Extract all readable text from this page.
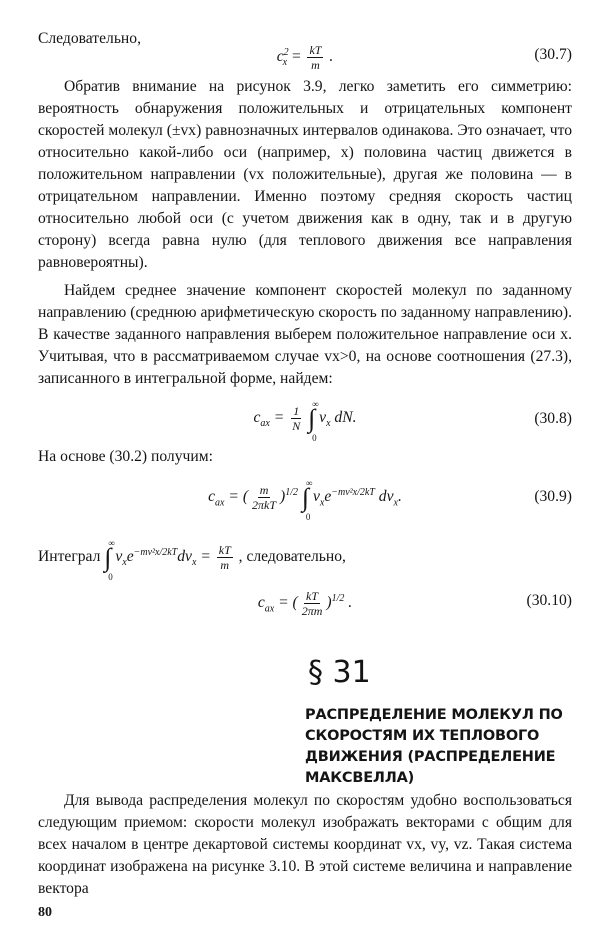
Следовательно,

$c^2_x = \frac{kT}{m}$ .	(30.7)

Обратив внимание на рисунок 3.9, легко заметить его симметрию: вероятность обнаружения положительных и отрицательных компонент скоростей молекул (±vx) равнозначных интервалов одинакова. Это означает, что относительно какой-либо оси (например, x) половина частиц движется в положительном направлении (vx положительные), другая же половина — в отрицательном направлении. Именно поэтому средняя скорость частиц относительно любой оси (с учетом движения как в одну, так и в другую сторону) всегда равна нулю (для теплового движения все направления равновероятны).

Найдем среднее значение компонент скоростей молекул по заданному направлению (среднюю арифметическую скорость по заданному направлению). В качестве заданного направления выберем положительное направление оси x. Учитывая, что в рассматриваемом случае vx>0, на основе соотношения (27.3), записанного в интегральной форме, найдем:

$c_{ax} = \frac{1}{N}$ ∫
∞
0
$v_x$ dN.	(30.8)

На основе (30.2) получим:

$c_{ax}$ = ( $\frac{m}{\text{2πkT}} )^{1/2}$ ∫
∞
0
$v_xe^{-mv^2x/2kT}$ $dv_x$.	(30.9)
Интеграл ∫
∞
0
$v_xe^{-mv^2x/2kT}dv_x = \frac{kT}{m}$ , следовательно,
$c_{ax}$ = ( $\frac{kT}{2\pi m} )^{1/2}$ .	(30.10)
§ 31
РАСПРЕДЕЛЕНИЕ МОЛЕКУЛ ПО СКОРОСТЯМ ИХ ТЕПЛОВОГО ДВИЖЕНИЯ (РАСПРЕДЕЛЕНИЕ МАКСВЕЛЛА)

Для вывода распределения молекул по скоростям удобно воспользоваться следующим приемом: скорости молекул изображать векторами с общим для всех началом в центре декартовой системы координат vx, vy, vz. Такая система координат изображена на рисунке 3.10. В этой системе величина и направление вектора

80
